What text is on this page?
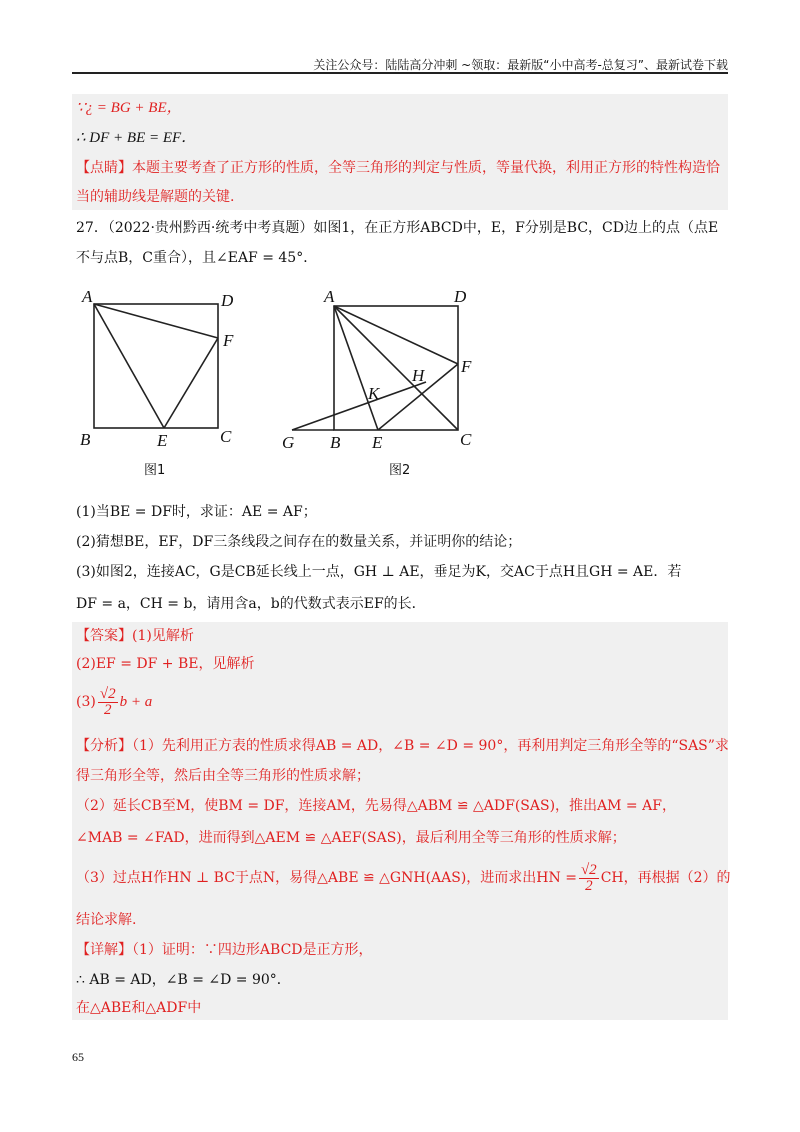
关注公众号：陆陆高分冲刺 ~领取：最新版“小中高考-总复习”、最新试卷下载
∵¿ = BG + BE，
∴ DF + BE = EF．
【点睛】本题主要考查了正方形的性质，全等三角形的判定与性质，等量代换，利用正方形的特性构造恰
当的辅助线是解题的关键.
27．（2022·贵州黔西·统考中考真题）如图1，在正方形ABCD中，E，F分别是BC，CD边上的点（点E
不与点B，C重合），且∠EAF = 45°．
A	D
F
B	E	C
图1
A	D
F
H
K
G B E	C
图2
(1)当BE = DF时，求证：AE = AF；
(2)猜想BE，EF，DF三条线段之间存在的数量关系，并证明你的结论；
(3)如图2，连接AC，G是CB延长线上一点，GH ⊥ AE，垂足为K，交AC于点H且GH = AE．若
DF = a，CH = b，请用含a，b的代数式表示EF的长．
【答案】(1)见解析
(2)EF = DF + BE，见解析
$(3) \frac{√2}{2}$ b + a
【分析】（1）先利用正方表的性质求得AB = AD，∠B = ∠D = 90°，再利用判定三角形全等的“SAS”求
得三角形全等，然后由全等三角形的性质求解；
（2）延长CB至M，使BM = DF，连接AM，先易得△ABM ≌ △ADF(SAS)，推出AM = AF，
∠MAB = ∠FAD，进而得到△AEM ≌ △AEF(SAS)，最后利用全等三角形的性质求解；
（3）过点H作HN ⊥ BC于点N，易得△ABE ≌ △GNH(AAS)，进而求出HN = $\frac{√2}{2}$ CH，再根据（2）的
结论求解.
【详解】（1）证明：∵四边形ABCD是正方形，
∴ AB = AD，∠B = ∠D = 90°．
在△ABE和△ADF中
65
